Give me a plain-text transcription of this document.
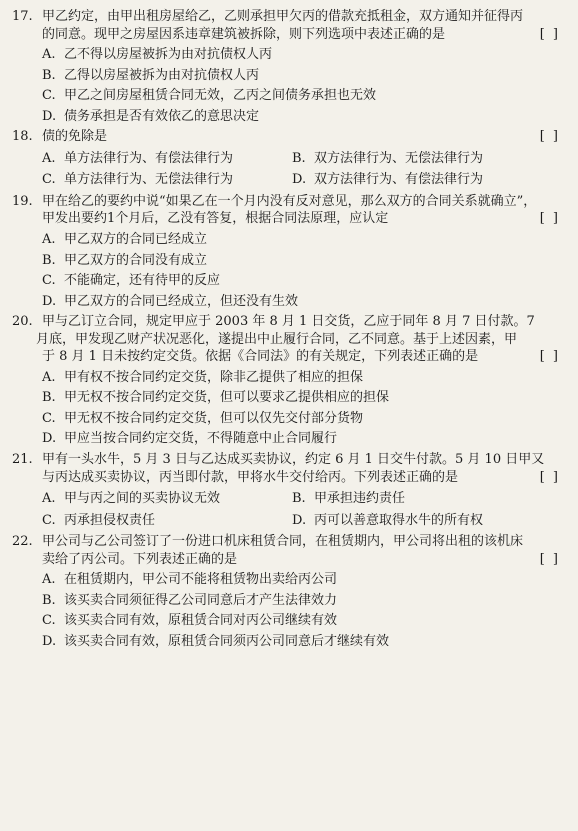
17. 甲乙约定，由甲出租房屋给乙，乙则承担甲欠丙的借款充抵租金，双方通知并征得丙
的同意。现甲之房屋因系违章建筑被拆除，则下列选项中表述正确的是	[ ]
A. 乙不得以房屋被拆为由对抗债权人丙
B. 乙得以房屋被拆为由对抗债权人丙
C. 甲乙之间房屋租赁合同无效，乙丙之间债务承担也无效
D. 债务承担是否有效依乙的意思决定
18. 债的免除是	[ ]
A. 单方法律行为、有偿法律行为	B. 双方法律行为、无偿法律行为
C. 单方法律行为、无偿法律行为	D. 双方法律行为、有偿法律行为
19. 甲在给乙的要约中说“如果乙在一个月内没有反对意见，那么双方的合同关系就确立”，
甲发出要约1个月后，乙没有答复，根据合同法原理，应认定	[ ]
A. 甲乙双方的合同已经成立
B. 甲乙双方的合同没有成立
C. 不能确定，还有待甲的反应
D. 甲乙双方的合同已经成立，但还没有生效
20. 甲与乙订立合同，规定甲应于 2003 年 8 月 1 日交货，乙应于同年 8 月 7 日付款。7
月底，甲发现乙财产状况恶化，遂提出中止履行合同，乙不同意。基于上述因素，甲
于 8 月 1 日未按约定交货。依据《合同法》的有关规定，下列表述正确的是	[ ]
A. 甲有权不按合同约定交货，除非乙提供了相应的担保
B. 甲无权不按合同约定交货，但可以要求乙提供相应的担保
C. 甲无权不按合同约定交货，但可以仅先交付部分货物
D. 甲应当按合同约定交货，不得随意中止合同履行
21. 甲有一头水牛，5 月 3 日与乙达成买卖协议，约定 6 月 1 日交牛付款。5 月 10 日甲又
与丙达成买卖协议，丙当即付款，甲将水牛交付给丙。下列表述正确的是	[ ]
A. 甲与丙之间的买卖协议无效	B. 甲承担违约责任
C. 丙承担侵权责任	D. 丙可以善意取得水牛的所有权
22. 甲公司与乙公司签订了一份进口机床租赁合同，在租赁期内，甲公司将出租的该机床
卖给了丙公司。下列表述正确的是	[ ]
A. 在租赁期内，甲公司不能将租赁物出卖给丙公司
B. 该买卖合同须征得乙公司同意后才产生法律效力
C. 该买卖合同有效，原租赁合同对丙公司继续有效
D. 该买卖合同有效，原租赁合同须丙公司同意后才继续有效
